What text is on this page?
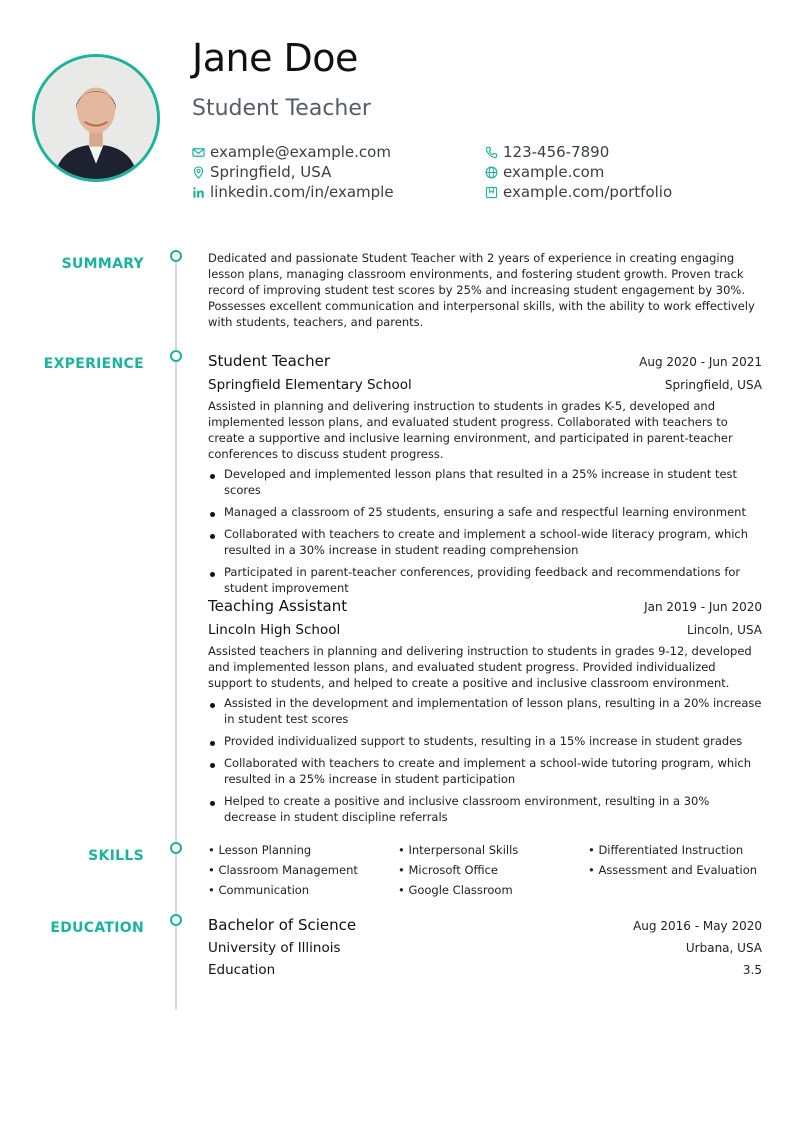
Jane Doe
Student Teacher
example@example.com	123-456-7890
Springfield, USA	example.com
linkedin.com/in/example	example.com/portfolio
SUMMARY	Dedicated and passionate Student Teacher with 2 years of experience in creating engaging lesson plans, managing classroom environments, and fostering student growth. Proven track record of improving student test scores by 25% and increasing student engagement by 30%. Possesses excellent communication and interpersonal skills, with the ability to work effectively with students, teachers, and parents.
EXPERIENCE	Student Teacher	Aug 2020 - Jun 2021
Springfield Elementary School	Springfield, USA
Assisted in planning and delivering instruction to students in grades K-5, developed and implemented lesson plans, and evaluated student progress. Collaborated with teachers to create a supportive and inclusive learning environment, and participated in parent-teacher conferences to discuss student progress.
Developed and implemented lesson plans that resulted in a 25% increase in student test scores
Managed a classroom of 25 students, ensuring a safe and respectful learning environment
Collaborated with teachers to create and implement a school-wide literacy program, which resulted in a 30% increase in student reading comprehension
Participated in parent-teacher conferences, providing feedback and recommendations for student improvement
Teaching Assistant	Jan 2019 - Jun 2020
Lincoln High School	Lincoln, USA
Assisted teachers in planning and delivering instruction to students in grades 9-12, developed and implemented lesson plans, and evaluated student progress. Provided individualized support to students, and helped to create a positive and inclusive classroom environment.
Assisted in the development and implementation of lesson plans, resulting in a 20% increase in student test scores
Provided individualized support to students, resulting in a 15% increase in student grades
Collaborated with teachers to create and implement a school-wide tutoring program, which resulted in a 25% increase in student participation
Helped to create a positive and inclusive classroom environment, resulting in a 30% decrease in student discipline referrals
SKILLS	• Lesson Planning	• Interpersonal Skills	• Differentiated Instruction
• Classroom Management	• Microsoft Office	• Assessment and Evaluation
• Communication	• Google Classroom
EDUCATION	Bachelor of Science	Aug 2016 - May 2020
University of Illinois	Urbana, USA
Education	3.5
